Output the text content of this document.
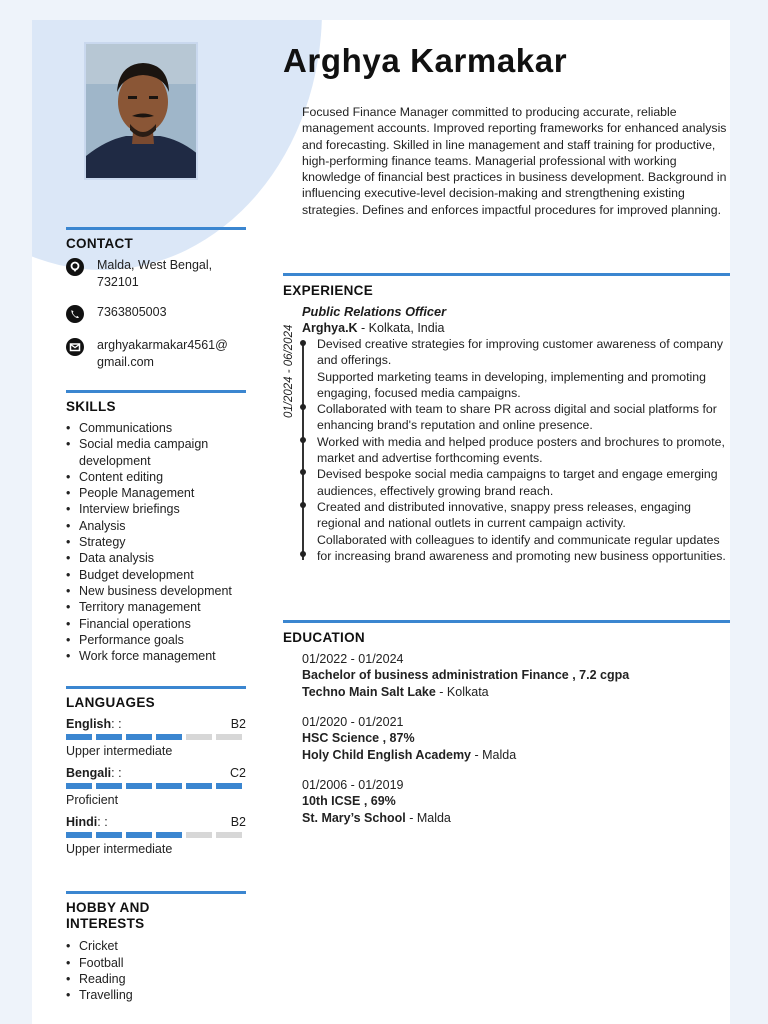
CONTACT
Malda, West Bengal, 732101
7363805003
arghyakarmakar4561@ gmail.com
SKILLS
• Communications
• Social media campaign development
• Content editing
• People Management
• Interview briefings
• Analysis
• Strategy
• Data analysis
• Budget development
• New business development
• Territory management
• Financial operations
• Performance goals
• Work force management
LANGUAGES
English: :	B2
Upper intermediate
Bengali: :	C2
Proficient
Hindi: :	B2
Upper intermediate
HOBBY AND INTERESTS
• Cricket
• Football
• Reading
• Travelling
Arghya Karmakar
Focused Finance Manager committed to producing accurate, reliable management accounts. Improved reporting frameworks for enhanced analysis and forecasting. Skilled in line management and staff training for productive, high-performing finance teams. Managerial professional with working knowledge of financial best practices in business development. Background in influencing executive-level decision-making and strengthening existing strategies. Defines and enforces impactful procedures for improved planning.
EXPERIENCE
Public Relations Officer
Arghya.K - Kolkata, India
01/2024 - 06/2024 Devised creative strategies for improving customer awareness of company and offerings.
Supported marketing teams in developing, implementing and promoting engaging, focused media campaigns.
Collaborated with team to share PR across digital and social platforms for enhancing brand's reputation and online presence.
Worked with media and helped produce posters and brochures to promote, market and advertise forthcoming events.
Devised bespoke social media campaigns to target and engage emerging audiences, effectively growing brand reach.
Created and distributed innovative, snappy press releases, engaging regional and national outlets in current campaign activity.
Collaborated with colleagues to identify and communicate regular updates for increasing brand awareness and promoting new business opportunities.
EDUCATION
01/2022 - 01/2024
Bachelor of business administration Finance , 7.2 cgpa
Techno Main Salt Lake - Kolkata
01/2020 - 01/2021
HSC Science , 87%
Holy Child English Academy - Malda
01/2006 - 01/2019
10th ICSE , 69%
St. Mary’s School - Malda
